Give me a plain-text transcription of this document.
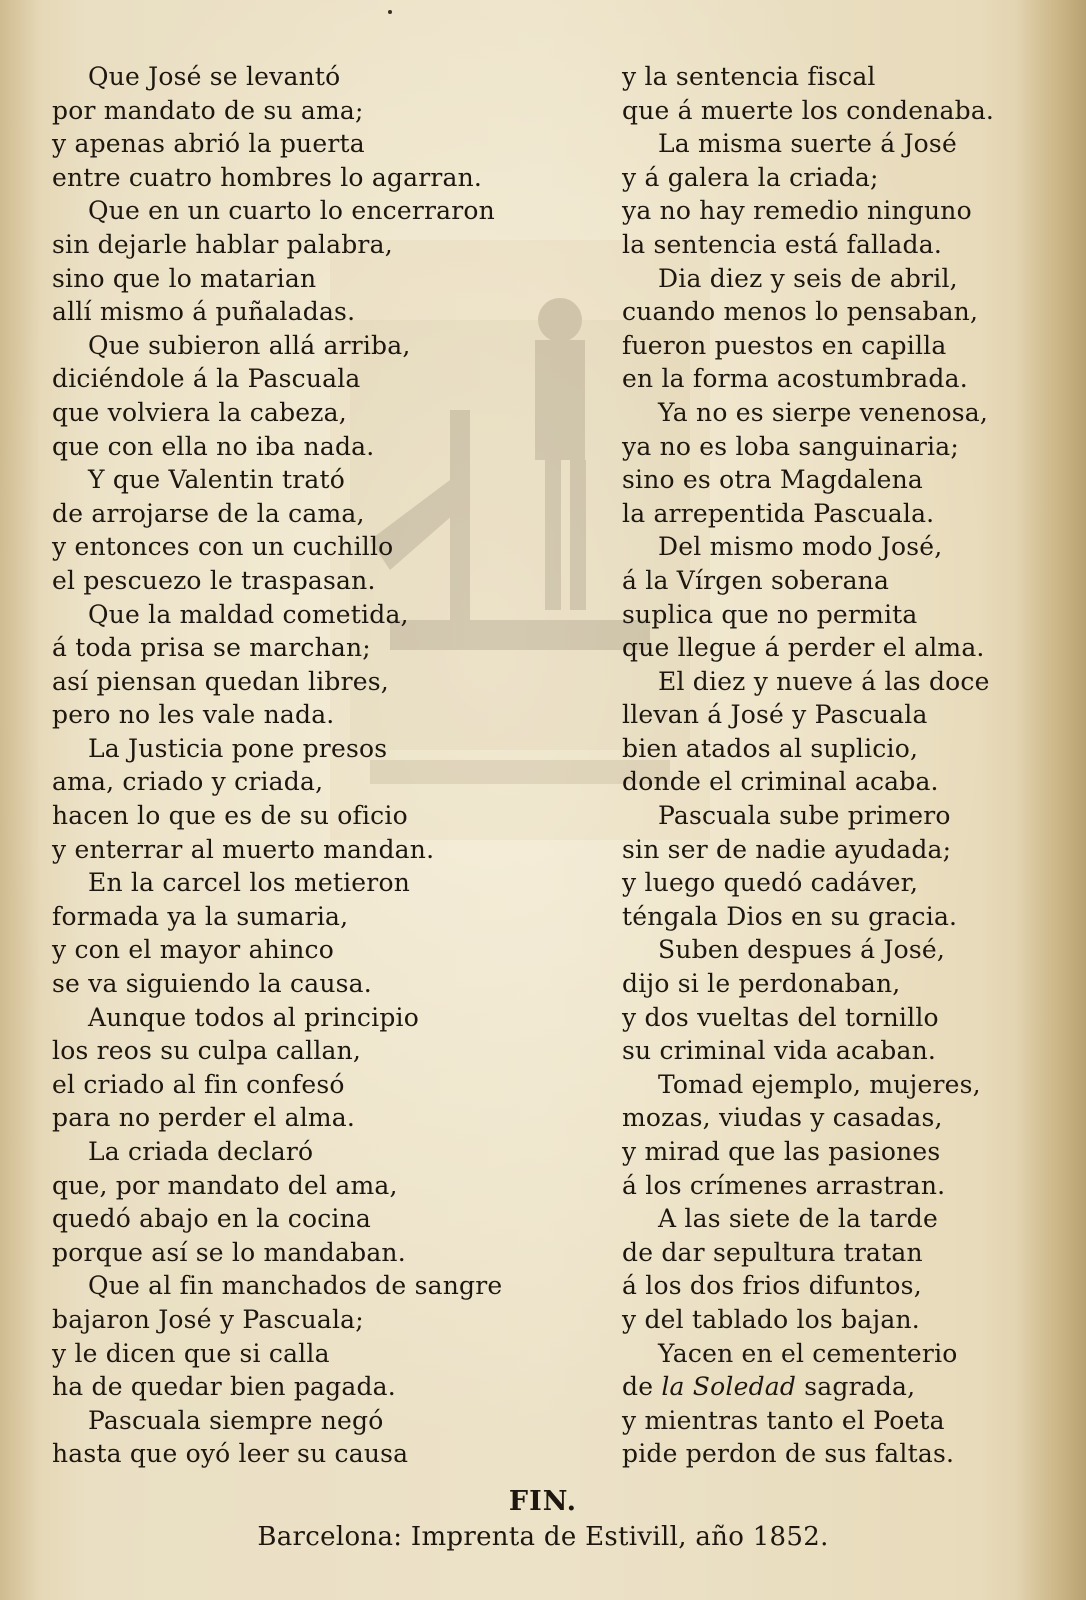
Que José se levantó
por mandato de su ama;
y apenas abrió la puerta
entre cuatro hombres lo agarran.
Que en un cuarto lo encerraron
sin dejarle hablar palabra,
sino que lo matarian
allí mismo á puñaladas.
Que subieron allá arriba,
diciéndole á la Pascuala
que volviera la cabeza,
que con ella no iba nada.
Y que Valentin trató
de arrojarse de la cama,
y entonces con un cuchillo
el pescuezo le traspasan.
Que la maldad cometida,
á toda prisa se marchan;
así piensan quedan libres,
pero no les vale nada.
La Justicia pone presos
ama, criado y criada,
hacen lo que es de su oficio
y enterrar al muerto mandan.
En la carcel los metieron
formada ya la sumaria,
y con el mayor ahinco
se va siguiendo la causa.
Aunque todos al principio
los reos su culpa callan,
el criado al fin confesó
para no perder el alma.
La criada declaró
que, por mandato del ama,
quedó abajo en la cocina
porque así se lo mandaban.
Que al fin manchados de sangre
bajaron José y Pascuala;
y le dicen que si calla
ha de quedar bien pagada.
Pascuala siempre negó
hasta que oyó leer su causa
y la sentencia fiscal
que á muerte los condenaba.
La misma suerte á José
y á galera la criada;
ya no hay remedio ninguno
la sentencia está fallada.
Dia diez y seis de abril,
cuando menos lo pensaban,
fueron puestos en capilla
en la forma acostumbrada.
Ya no es sierpe venenosa,
ya no es loba sanguinaria;
sino es otra Magdalena
la arrepentida Pascuala.
Del mismo modo José,
á la Vírgen soberana
suplica que no permita
que llegue á perder el alma.
El diez y nueve á las doce
llevan á José y Pascuala
bien atados al suplicio,
donde el criminal acaba.
Pascuala sube primero
sin ser de nadie ayudada;
y luego quedó cadáver,
téngala Dios en su gracia.
Suben despues á José,
dijo si le perdonaban,
y dos vueltas del tornillo
su criminal vida acaban.
Tomad ejemplo, mujeres,
mozas, viudas y casadas,
y mirad que las pasiones
á los crímenes arrastran.
A las siete de la tarde
de dar sepultura tratan
á los dos frios difuntos,
y del tablado los bajan.
Yacen en el cementerio
de la Soledad sagrada,
y mientras tanto el Poeta
pide perdon de sus faltas.
FIN.
Barcelona: Imprenta de Estivill, año 1852.
